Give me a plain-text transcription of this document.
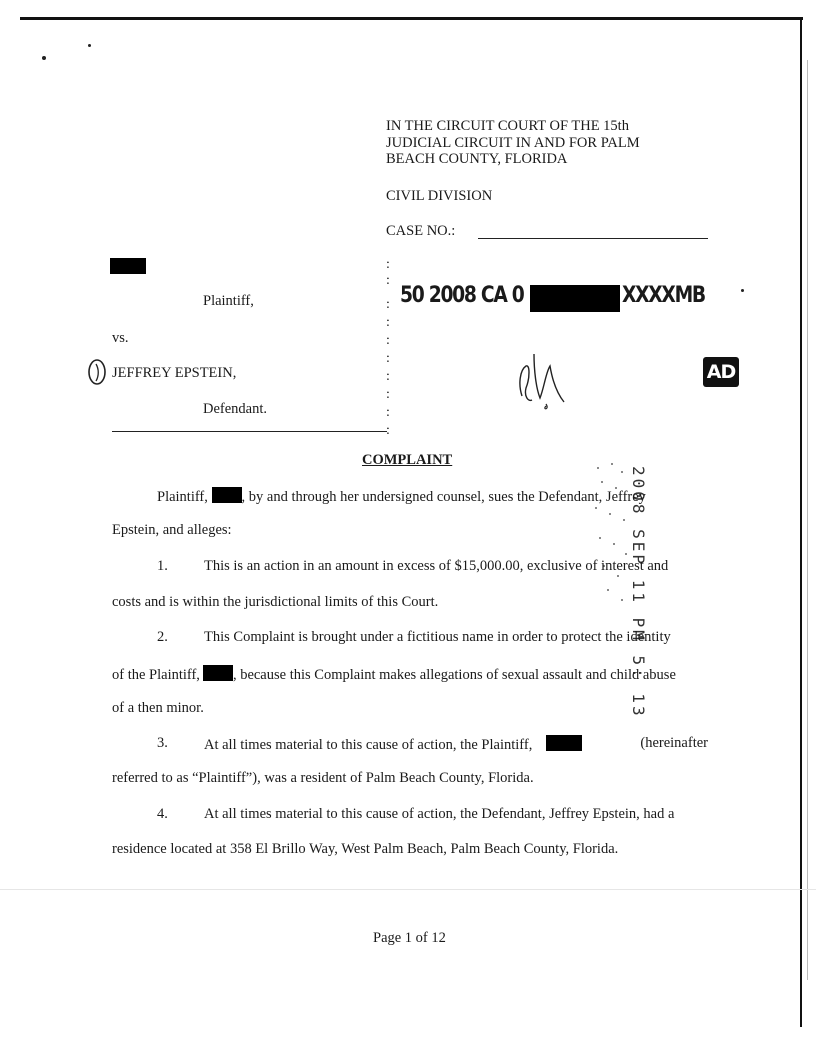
IN THE CIRCUIT COURT OF THE 15th
JUDICIAL CIRCUIT IN AND FOR PALM
BEACH COUNTY, FLORIDA
CIVIL DIVISION
CASE NO.:
Plaintiff,
vs.
JEFFREY EPSTEIN,
Defendant.
:
:
:
:
:
:
:
:
:
:
50 2008 CA 0	XXXXMB
AD
2008 SEP 11 PM 5: 13
COMPLAINT
Plaintiff, , by and through her undersigned counsel, sues the Defendant, Jeffrey
Epstein, and alleges:
1. This is an action in an amount in excess of $15,000.00, exclusive of interest and
costs and is within the jurisdictional limits of this Court.
2. This Complaint is brought under a fictitious name in order to protect the identity
of the Plaintiff, , because this Complaint makes allegations of sexual assault and child abuse
of a then minor.
3. At all times material to this cause of action, the Plaintiff,	(hereinafter
referred to as “Plaintiff”), was a resident of Palm Beach County, Florida.
4. At all times material to this cause of action, the Defendant, Jeffrey Epstein, had a
residence located at 358 El Brillo Way, West Palm Beach, Palm Beach County, Florida.
Page 1 of 12
